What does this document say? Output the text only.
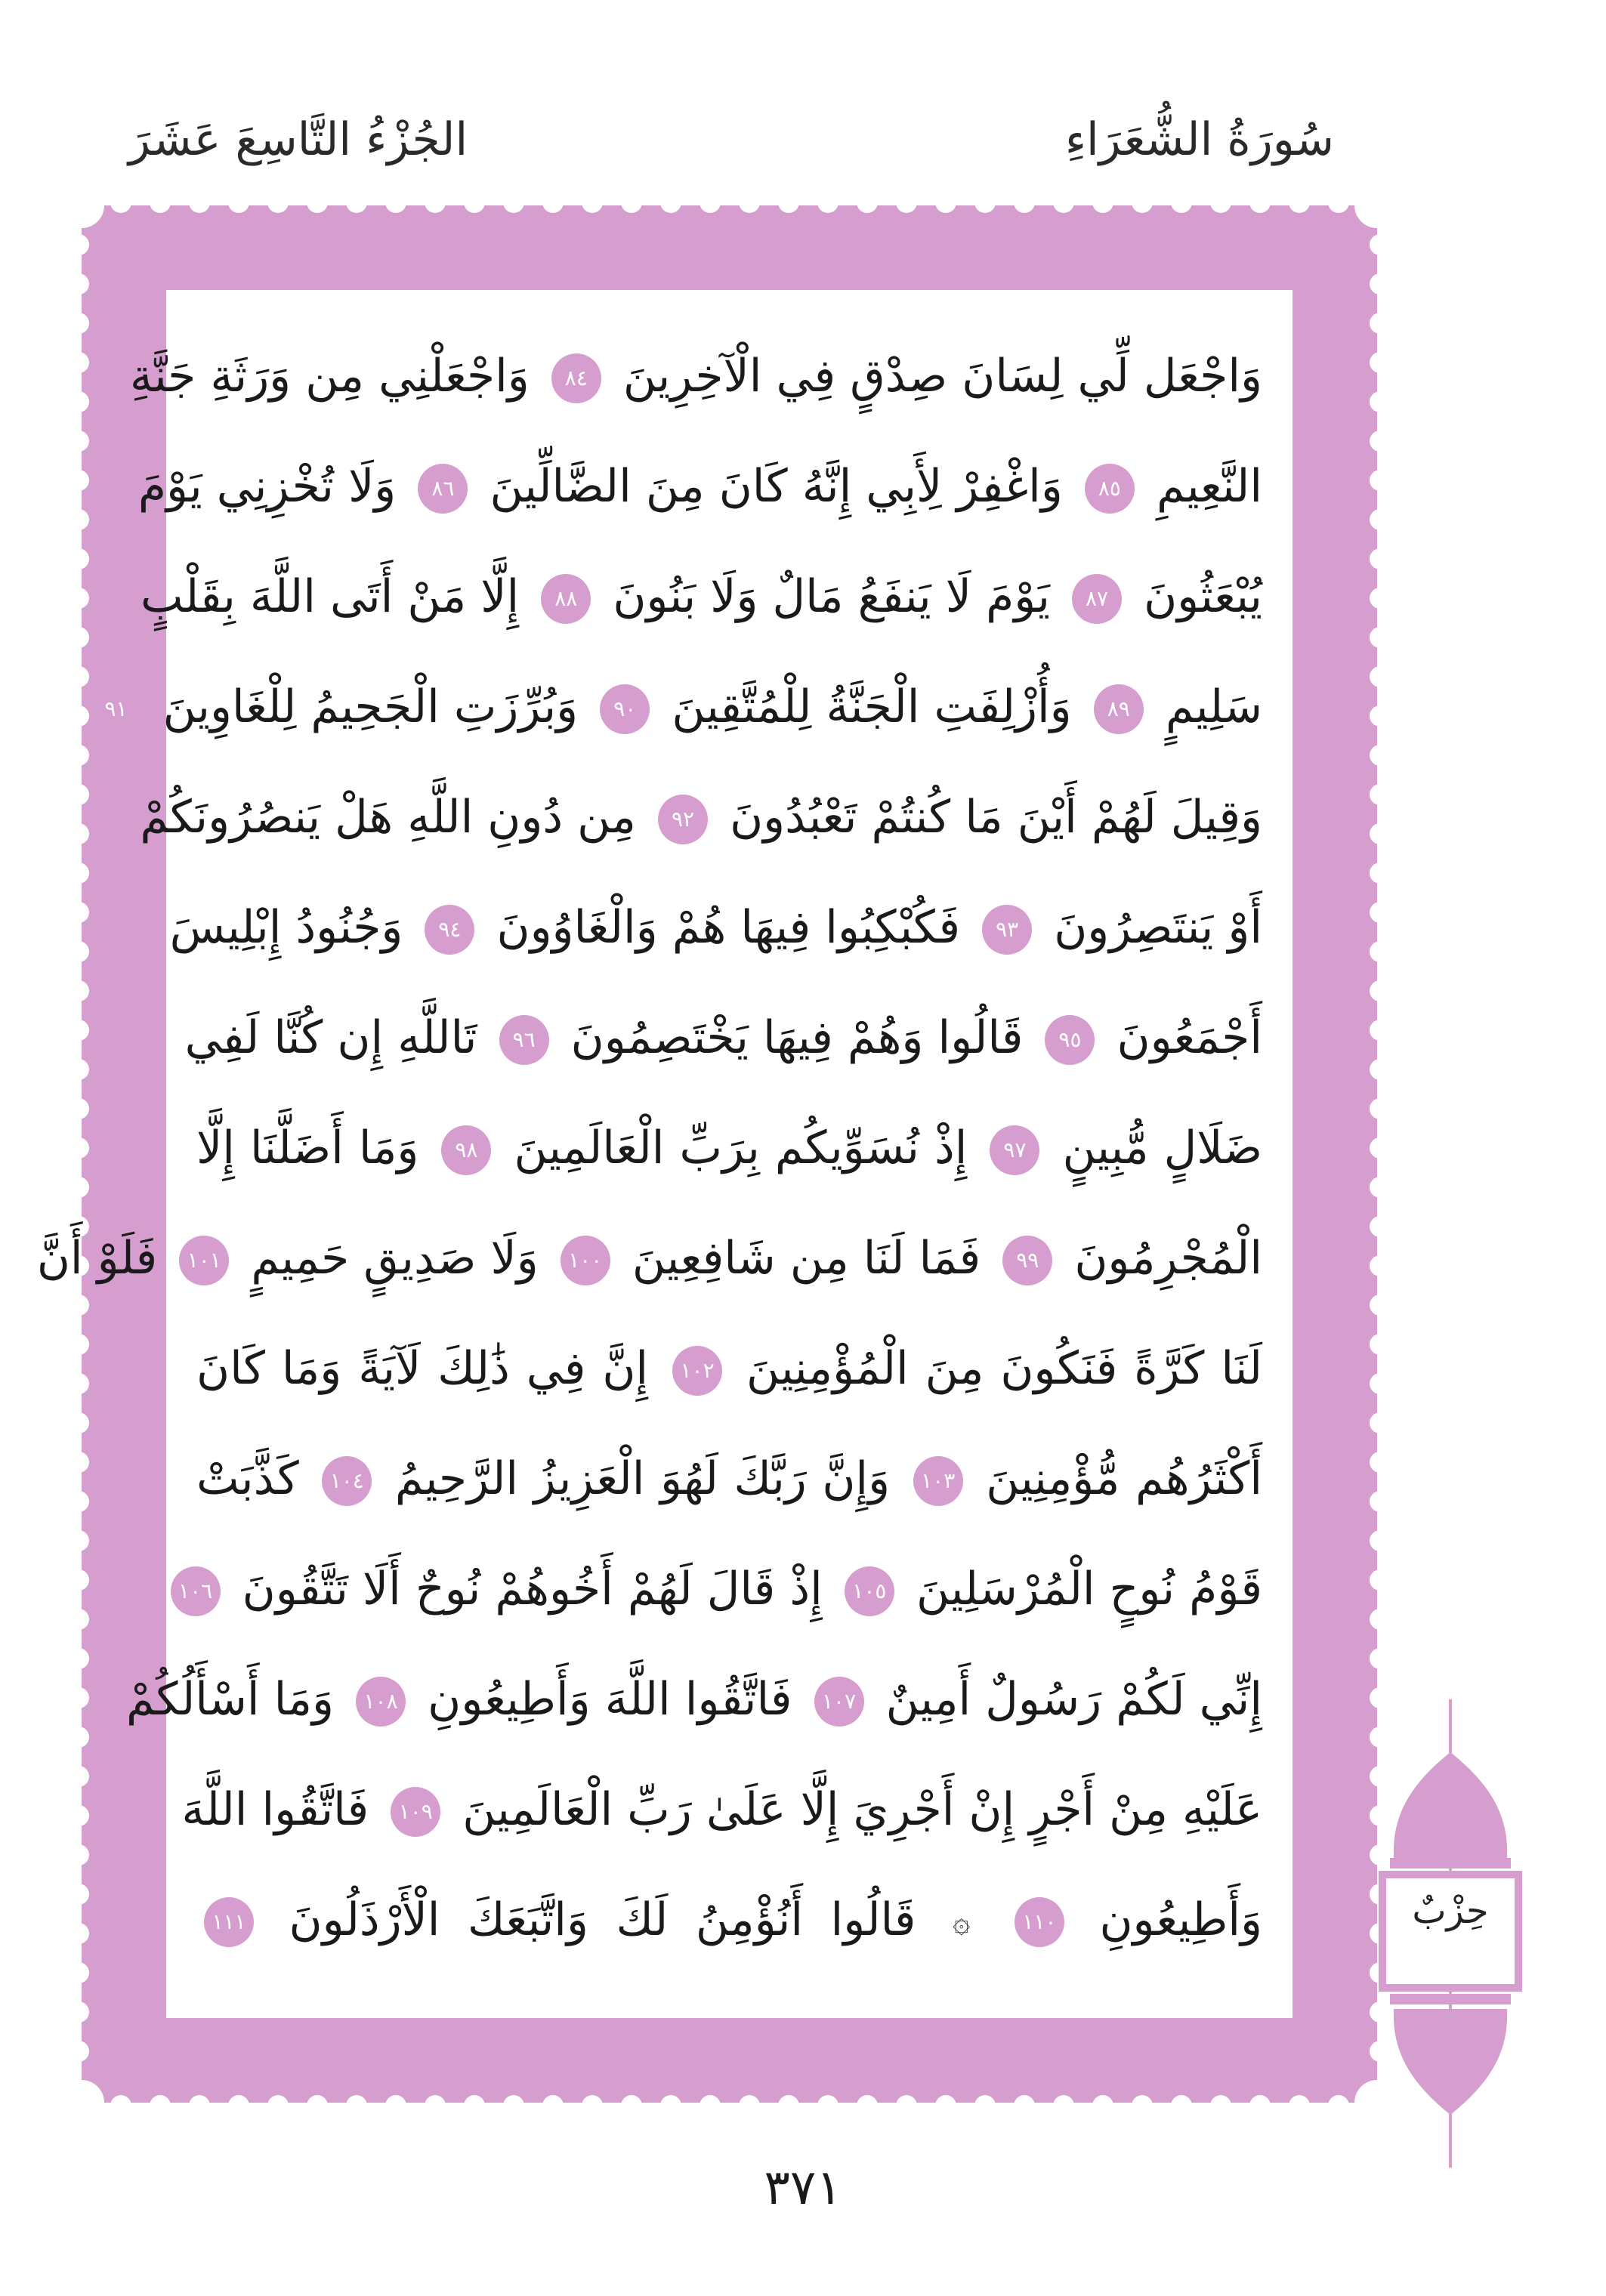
سُورَةُ الشُّعَرَاءِ
الجُزْءُ التَّاسِعَ عَشَرَ
وَاجْعَل لِّي لِسَانَ صِدْقٍ فِي الْآخِرِينَ ٨٤ وَاجْعَلْنِي مِن وَرَثَةِ جَنَّةِ
النَّعِيمِ ٨٥ وَاغْفِرْ لِأَبِي إِنَّهُ كَانَ مِنَ الضَّالِّينَ ٨٦ وَلَا تُخْزِنِي يَوْمَ
يُبْعَثُونَ ٨٧ يَوْمَ لَا يَنفَعُ مَالٌ وَلَا بَنُونَ ٨٨ إِلَّا مَنْ أَتَى اللَّهَ بِقَلْبٍ
سَلِيمٍ ٨٩ وَأُزْلِفَتِ الْجَنَّةُ لِلْمُتَّقِينَ ٩٠ وَبُرِّزَتِ الْجَحِيمُ لِلْغَاوِينَ ٩١
وَقِيلَ لَهُمْ أَيْنَ مَا كُنتُمْ تَعْبُدُونَ ٩٢ مِن دُونِ اللَّهِ هَلْ يَنصُرُونَكُمْ
أَوْ يَنتَصِرُونَ ٩٣ فَكُبْكِبُوا فِيهَا هُمْ وَالْغَاوُونَ ٩٤ وَجُنُودُ إِبْلِيسَ
أَجْمَعُونَ ٩٥ قَالُوا وَهُمْ فِيهَا يَخْتَصِمُونَ ٩٦ تَاللَّهِ إِن كُنَّا لَفِي
ضَلَالٍ مُّبِينٍ ٩٧ إِذْ نُسَوِّيكُم بِرَبِّ الْعَالَمِينَ ٩٨ وَمَا أَضَلَّنَا إِلَّا
الْمُجْرِمُونَ ٩٩ فَمَا لَنَا مِن شَافِعِينَ ١٠٠ وَلَا صَدِيقٍ حَمِيمٍ ١٠١ فَلَوْ أَنَّ
لَنَا كَرَّةً فَنَكُونَ مِنَ الْمُؤْمِنِينَ ١٠٢ إِنَّ فِي ذَٰلِكَ لَآيَةً وَمَا كَانَ
أَكْثَرُهُم مُّؤْمِنِينَ ١٠٣ وَإِنَّ رَبَّكَ لَهُوَ الْعَزِيزُ الرَّحِيمُ ١٠٤ كَذَّبَتْ
قَوْمُ نُوحٍ الْمُرْسَلِينَ ١٠٥ إِذْ قَالَ لَهُمْ أَخُوهُمْ نُوحٌ أَلَا تَتَّقُونَ ١٠٦
إِنِّي لَكُمْ رَسُولٌ أَمِينٌ ١٠٧ فَاتَّقُوا اللَّهَ وَأَطِيعُونِ ١٠٨ وَمَا أَسْأَلُكُمْ
عَلَيْهِ مِنْ أَجْرٍ إِنْ أَجْرِيَ إِلَّا عَلَىٰ رَبِّ الْعَالَمِينَ ١٠٩ فَاتَّقُوا اللَّهَ
وَأَطِيعُونِ ١١٠ ۞ قَالُوا أَنُؤْمِنُ لَكَ وَاتَّبَعَكَ الْأَرْذَلُونَ ١١١
٣٧١
حِزْبٌ
